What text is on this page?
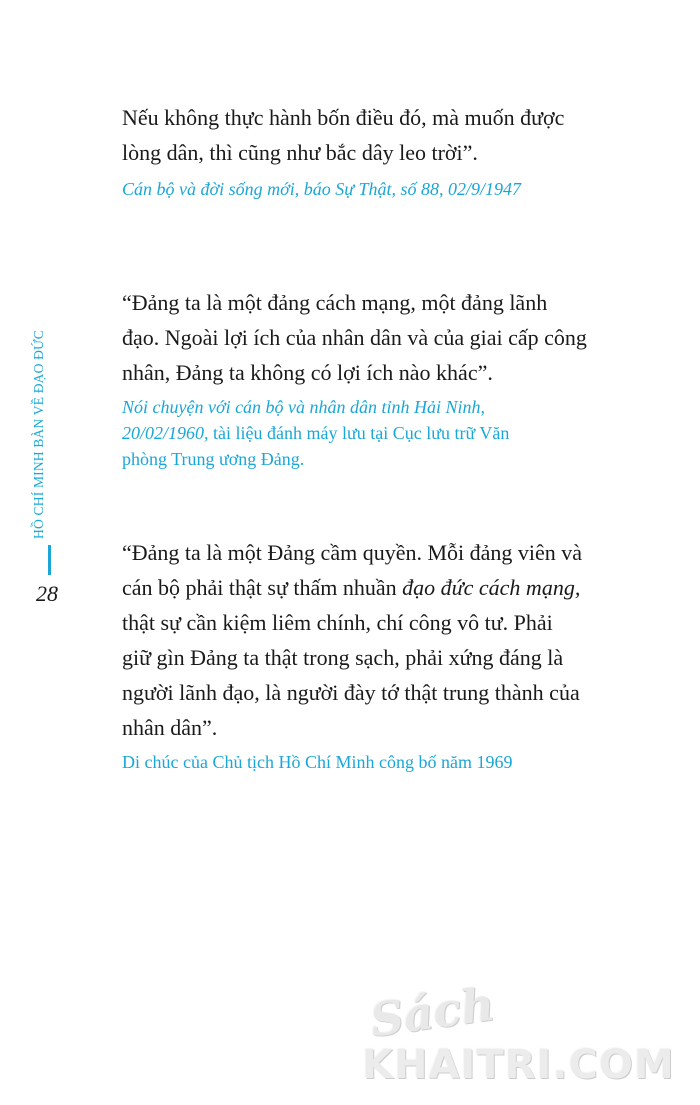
HỒ CHÍ MINH BÀN VỀ ĐẠO ĐỨC
28

Nếu không thực hành bốn điều đó, mà muốn được
lòng dân, thì cũng như bắc dây leo trời”.

Cán bộ và đời sống mới, báo Sự Thật, số 88, 02/9/1947

“Đảng ta là một đảng cách mạng, một đảng lãnh
đạo. Ngoài lợi ích của nhân dân và của giai cấp công
nhân, Đảng ta không có lợi ích nào khác”.

Nói chuyện với cán bộ và nhân dân tỉnh Hải Ninh,
20/02/1960, tài liệu đánh máy lưu tại Cục lưu trữ Văn
phòng Trung ương Đảng.

“Đảng ta là một Đảng cầm quyền. Mỗi đảng viên và
cán bộ phải thật sự thấm nhuần đạo đức cách mạng,
thật sự cần kiệm liêm chính, chí công vô tư. Phải
giữ gìn Đảng ta thật trong sạch, phải xứng đáng là
người lãnh đạo, là người đày tớ thật trung thành của
nhân dân”.

Di chúc của Chủ tịch Hồ Chí Minh công bố năm 1969

Sách
KHAITRI.COM
